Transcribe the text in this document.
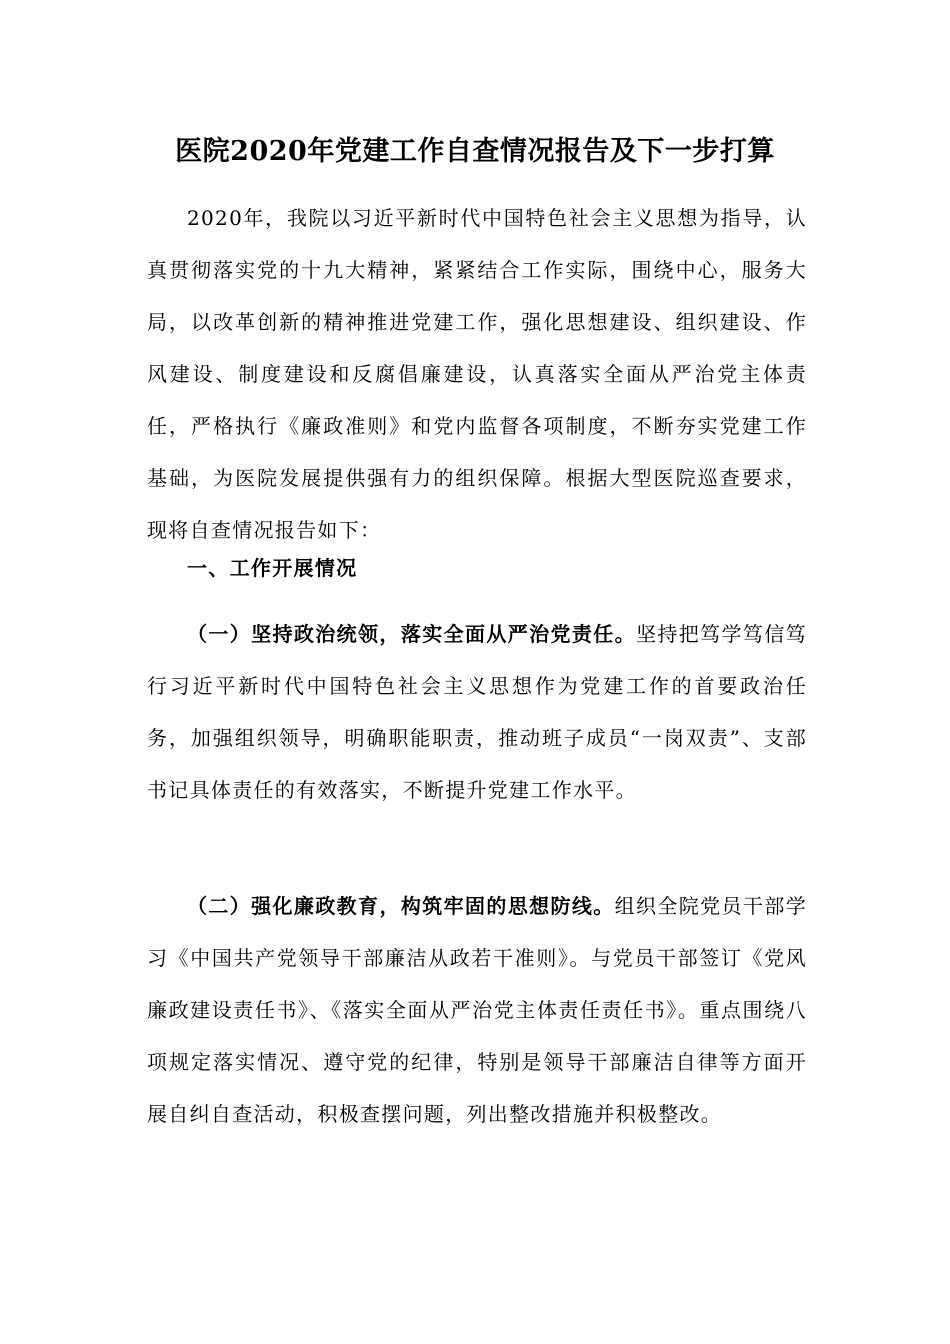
医院2020年党建工作自查情况报告及下一步打算

2020年，我院以习近平新时代中国特色社会主义思想为指导，认真贯彻落实党的十九大精神，紧紧结合工作实际，围绕中心，服务大局，以改革创新的精神推进党建工作，强化思想建设、组织建设、作风建设、制度建设和反腐倡廉建设，认真落实全面从严治党主体责任，严格执行《廉政准则》和党内监督各项制度，不断夯实党建工作基础，为医院发展提供强有力的组织保障。根据大型医院巡查要求，现将自查情况报告如下：

一、工作开展情况

（一）坚持政治统领，落实全面从严治党责任。坚持把笃学笃信笃行习近平新时代中国特色社会主义思想作为党建工作的首要政治任务，加强组织领导，明确职能职责，推动班子成员“一岗双责”、支部书记具体责任的有效落实，不断提升党建工作水平。

（二）强化廉政教育，构筑牢固的思想防线。组织全院党员干部学习《中国共产党领导干部廉洁从政若干准则》。与党员干部签订《党风廉政建设责任书》、《落实全面从严治党主体责任责任书》。重点围绕八项规定落实情况、遵守党的纪律，特别是领导干部廉洁自律等方面开展自纠自查活动，积极查摆问题，列出整改措施并积极整改。
